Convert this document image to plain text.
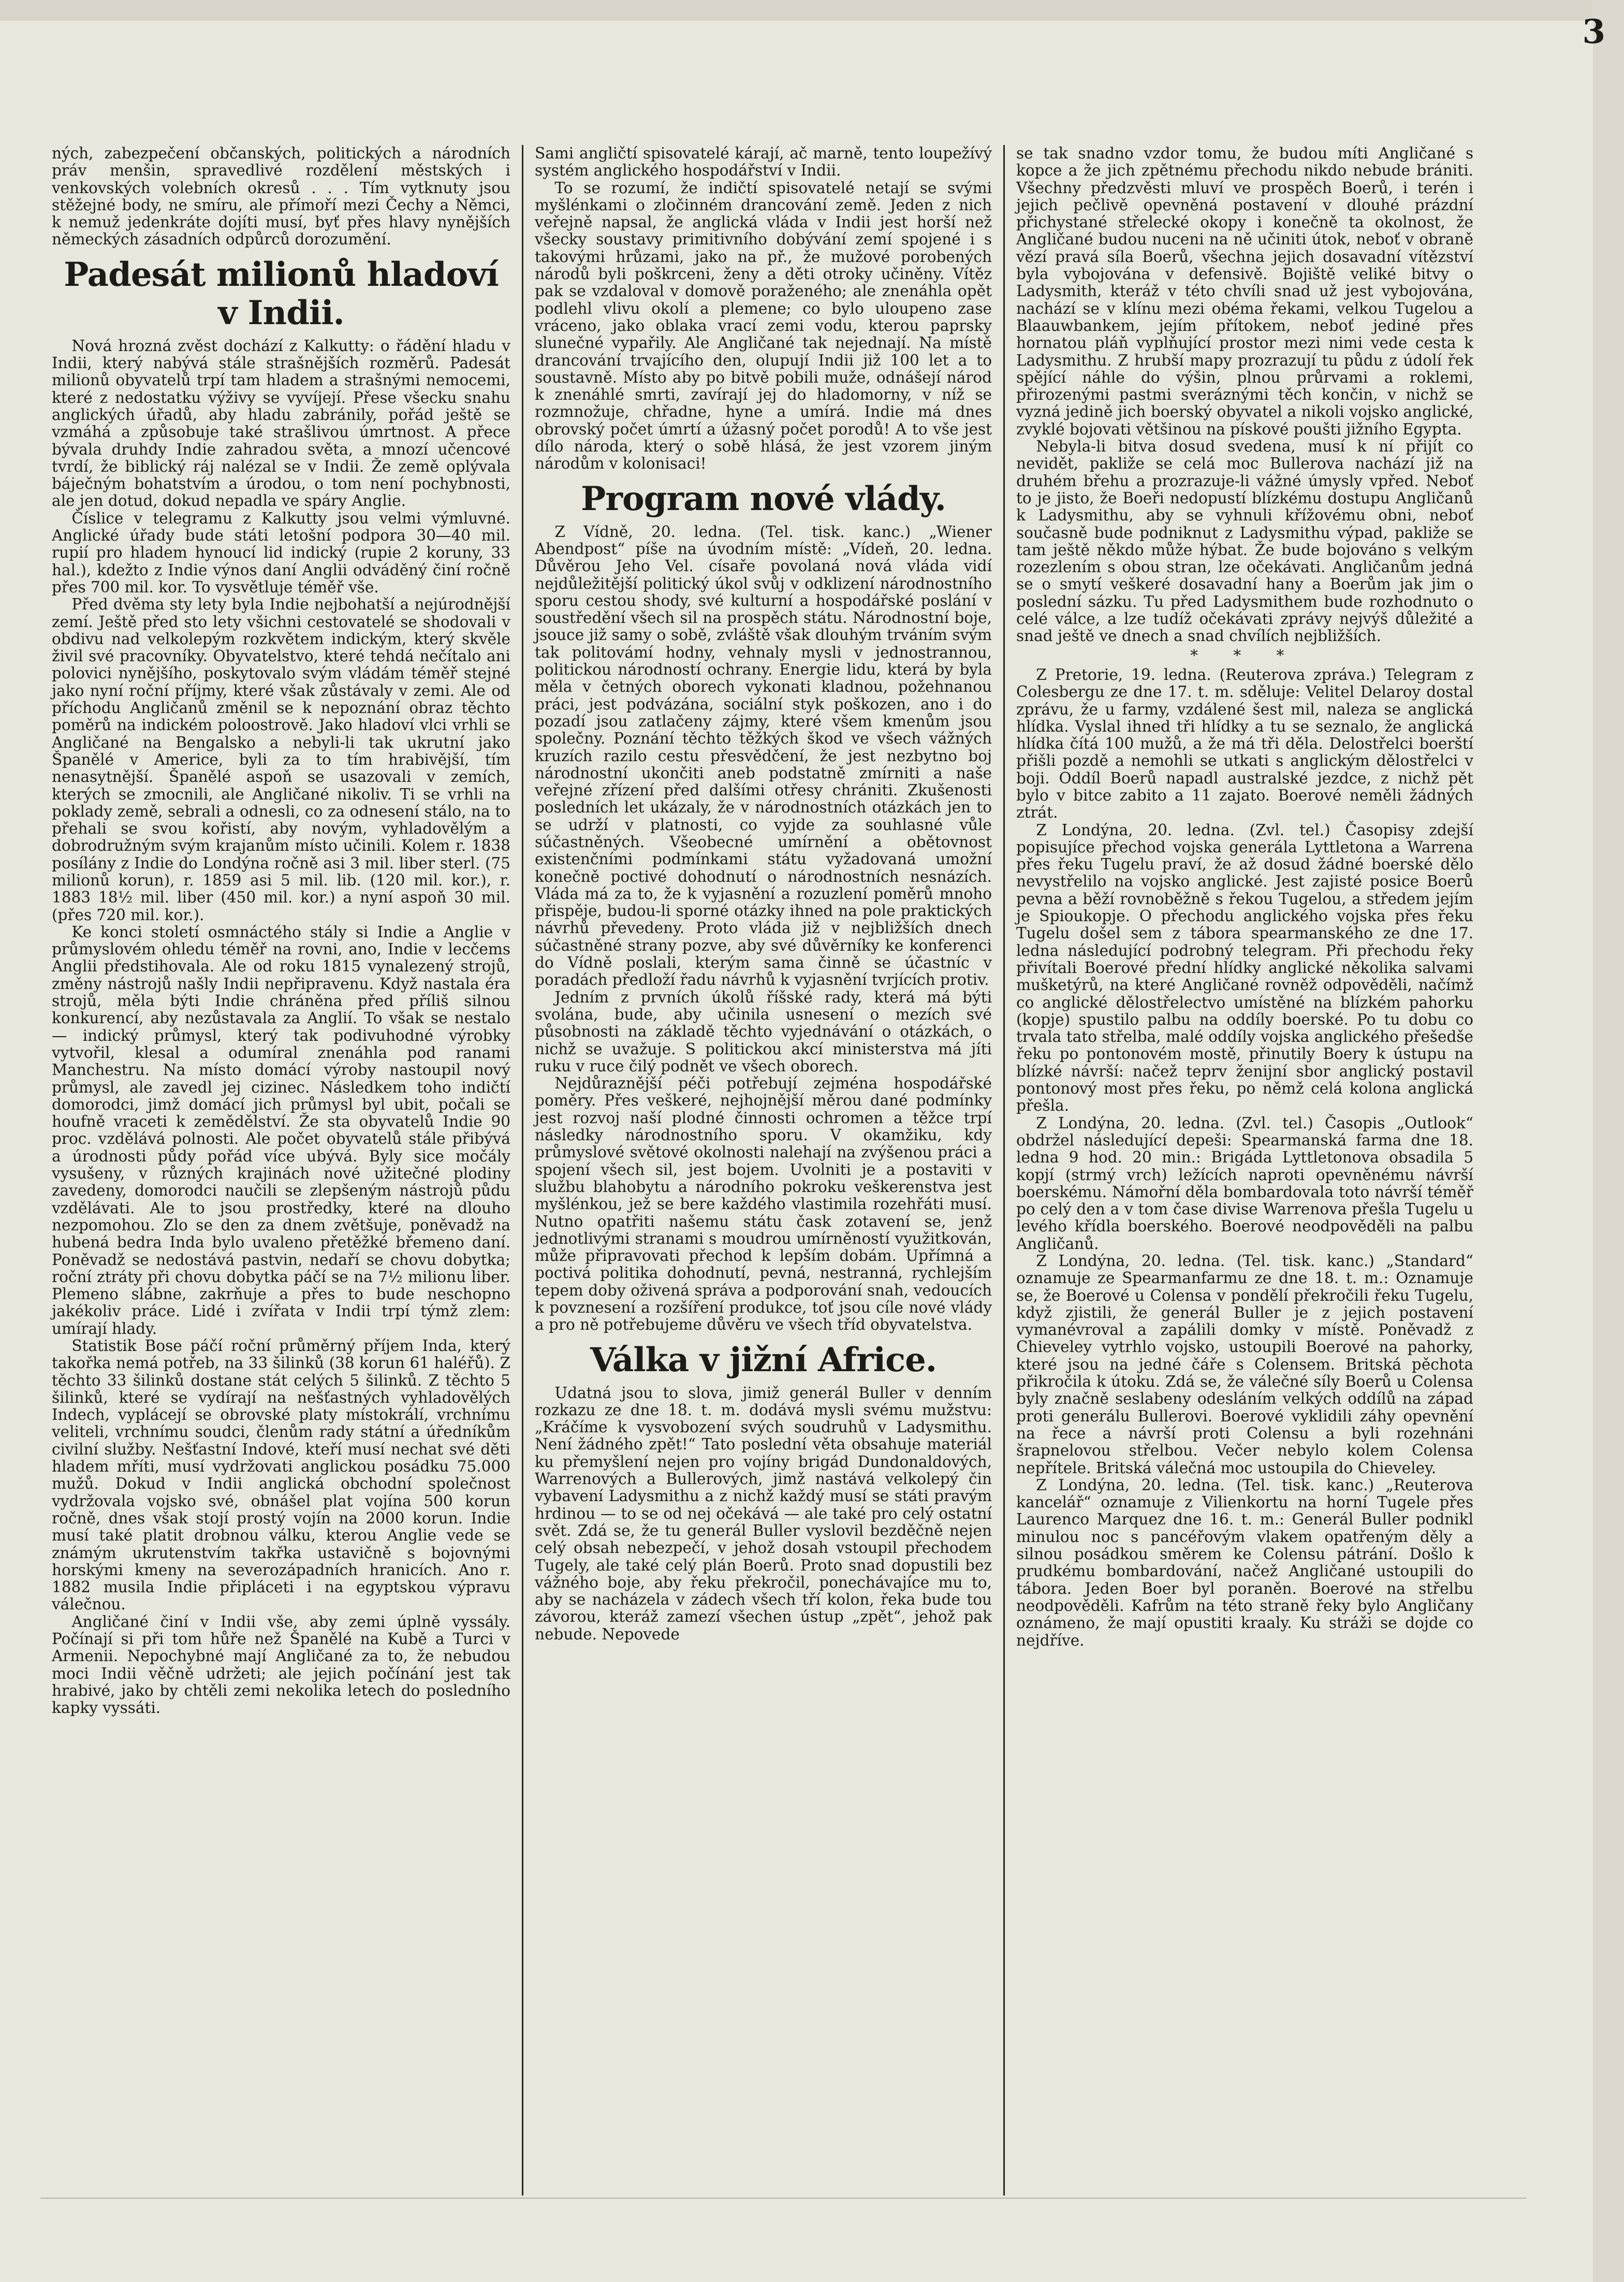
3

ných, zabezpečení občanských, politických a národních práv menšin, spravedlivé rozdělení městských i venkovských volebních okresů . . . Tím vytknuty jsou stěžejné body, ne smíru, ale přímoří mezi Čechy a Němci, k nemuž jedenkráte dojíti musí, byť přes hlavy nynějších německých zásadních odpůrců dorozumění.

Padesát milionů hladoví v Indii.

Nová hrozná zvěst dochází z Kalkutty: o řádění hladu v Indii, který nabývá stále strašnějších rozměrů. Padesát milionů obyvatelů trpí tam hladem a strašnými nemocemi, které z nedostatku výživy se vyvíjejí. Přese všecku snahu anglických úřadů, aby hladu zabránily, pořád ještě se vzmáhá a způsobuje také strašlivou úmrtnost. A přece bývala druhdy Indie zahradou světa, a mnozí učencové tvrdí, že biblický ráj nalézal se v Indii. Že země oplývala báječným bohatstvím a úrodou, o tom není pochybnosti, ale jen dotud, dokud nepadla ve spáry Anglie.

Číslice v telegramu z Kalkutty jsou velmi výmluvné. Anglické úřady bude státi letošní podpora 30—40 mil. rupií pro hladem hynoucí lid indický (rupie 2 koruny, 33 hal.), kdežto z Indie výnos daní Anglii odváděný činí ročně přes 700 mil. kor. To vysvětluje téměř vše.

Před dvěma sty lety byla Indie nejbohatší a nejúrodnější zemí. Ještě před sto lety všichni cestovatelé se shodovali v obdivu nad velkolepým rozkvětem indickým, který skvěle živil své pracovníky. Obyvatelstvo, které tehdá nečítalo ani polovici nynějšího, poskytovalo svým vládám téměř stejné jako nyní roční příjmy, které však zůstávaly v zemi. Ale od příchodu Angličanů změnil se k nepoznání obraz těchto poměrů na indickém poloostrově. Jako hladoví vlci vrhli se Angličané na Bengalsko a nebyli-li tak ukrutní jako Španělé v Americe, byli za to tím hrabivější, tím nenasytnější. Španělé aspoň se usazovali v zemích, kterých se zmocnili, ale Angličané nikoliv. Ti se vrhli na poklady země, sebrali a odnesli, co za odnesení stálo, na to přehali se svou kořistí, aby novým, vyhladovělým a dobrodružným svým krajanům místo učinili. Kolem r. 1838 posílány z Indie do Londýna ročně asi 3 mil. liber sterl. (75 milionů korun), r. 1859 asi 5 mil. lib. (120 mil. kor.), r. 1883 18½ mil. liber (450 mil. kor.) a nyní aspoň 30 mil. (přes 720 mil. kor.).

Ke konci století osmnáctého stály si Indie a Anglie v průmyslovém ohledu téměř na rovni, ano, Indie v lecčems Anglii předstihovala. Ale od roku 1815 vynalezený strojů, změny nástrojů našly Indii nepřipravenu. Když nastala éra strojů, měla býti Indie chráněna před příliš silnou konkurencí, aby nezůstavala za Anglií. To však se nestalo — indický průmysl, který tak podivuhodné výrobky vytvořil, klesal a odumíral znenáhla pod ranami Manchestru. Na místo domácí výroby nastoupil nový průmysl, ale zavedl jej cizinec. Následkem toho indičtí domorodci, jimž domácí jich průmysl byl ubit, počali se houfně vraceti k zemědělství. Že sta obyvatelů Indie 90 proc. vzdělává polnosti. Ale počet obyvatelů stále přibývá a úrodnosti půdy pořád více ubývá. Byly sice močály vysušeny, v různých krajinách nové užitečné plodiny zavedeny, domorodci naučili se zlepšeným nástrojů půdu vzdělávati. Ale to jsou prostředky, které na dlouho nezpomohou. Zlo se den za dnem zvětšuje, poněvadž na hubená bedra Inda bylo uvaleno přetěžké břemeno daní. Poněvadž se nedostává pastvin, nedaří se chovu dobytka; roční ztráty při chovu dobytka páčí se na 7½ milionu liber. Plemeno slábne, zakrňuje a přes to bude neschopno jakékoliv práce. Lidé i zvířata v Indii trpí týmž zlem: umírají hlady.

Statistik Bose páčí roční průměrný příjem Inda, který takořka nemá potřeb, na 33 šilinků (38 korun 61 haléřů). Z těchto 33 šilinků dostane stát celých 5 šilinků. Z těchto 5 šilinků, které se vydírají na nešťastných vyhladovělých Indech, vyplácejí se obrovské platy místokrálí, vrchnímu veliteli, vrchnímu soudci, členům rady státní a úředníkům civilní služby. Nešťastní Indové, kteří musí nechat své děti hladem mříti, musí vydržovati anglickou posádku 75.000 mužů. Dokud v Indii anglická obchodní společnost vydržovala vojsko své, obnášel plat vojína 500 korun ročně, dnes však stojí prostý vojín na 2000 korun. Indie musí také platit drobnou válku, kterou Anglie vede se známým ukrutenstvím takřka ustavičně s bojovnými horskými kmeny na severozápadních hranicích. Ano r. 1882 musila Indie připláceti i na egyptskou výpravu válečnou.

Angličané činí v Indii vše, aby zemi úplně vyssály. Počínají si při tom hůře než Španělé na Kubě a Turci v Armenii. Nepochybné mají Angličané za to, že nebudou moci Indii věčně udržeti; ale jejich počínání jest tak hrabivé, jako by chtěli zemi nekolika letech do posledního kapky vyssáti.

Sami angličtí spisovatelé kárají, ač marně, tento loupežívý systém anglického hospodářství v Indii.

To se rozumí, že indičtí spisovatelé netají se svými myšlénkami o zločinném drancování země. Jeden z nich veřejně napsal, že anglická vláda v Indii jest horší než všecky soustavy primitivního dobývání zemí spojené i s takovými hrůzami, jako na př., že mužové porobených národů byli poškrceni, ženy a děti otroky učiněny. Vítěz pak se vzdaloval v domově poraženého; ale znenáhla opět podlehl vlivu okolí a plemene; co bylo uloupeno zase vráceno, jako oblaka vrací zemi vodu, kterou paprsky slunečné vypařily. Ale Angličané tak nejednají. Na místě drancování trvajícího den, olupují Indii již 100 let a to soustavně. Místo aby po bitvě pobili muže, odnášejí národ k znenáhlé smrti, zavírají jej do hladomorny, v níž se rozmnožuje, chřadne, hyne a umírá. Indie má dnes obrovský počet úmrtí a úžasný počet porodů! A to vše jest dílo národa, který o sobě hlásá, že jest vzorem jiným národům v kolonisaci!

Program nové vlády.

Z Vídně, 20. ledna. (Tel. tisk. kanc.) „Wiener Abendpost“ píše na úvodním místě: „Vídeň, 20. ledna. Důvěrou Jeho Vel. císaře povolaná nová vláda vidí nejdůležitější politický úkol svůj v odklizení národnostního sporu cestou shody, své kulturní a hospodářské poslání v soustředění všech sil na prospěch státu. Národnostní boje, jsouce již samy o sobě, zvláště však dlouhým trváním svým tak politovámí hodny, vehnaly mysli v jednostrannou, politickou národností ochrany. Energie lidu, která by byla měla v četných oborech vykonati kladnou, požehnanou práci, jest podvázána, sociální styk poškozen, ano i do pozadí jsou zatlačeny zájmy, které všem kmenům jsou společny. Poznání těchto těžkých škod ve všech vážných kruzích razilo cestu přesvědčení, že jest nezbytno boj národnostní ukončiti aneb podstatně zmírniti a naše veřejné zřízení před dalšími otřesy chrániti. Zkušenosti posledních let ukázaly, že v národnostních otázkách jen to se udrží v platnosti, co vyjde za souhlasné vůle súčastněných. Všeobecné umírnění a obětovnost existenčními podmínkami státu vyžadovaná umožní konečně poctivé dohodnutí o národnostních nesnázích. Vláda má za to, že k vyjasnění a rozuzlení poměrů mnoho přispěje, budou-li sporné otázky ihned na pole praktických návrhů převedeny. Proto vláda již v nejbližších dnech súčastněné strany pozve, aby své důvěrníky ke konferenci do Vídně poslali, kterým sama činně se účastníc v poradách předloží řadu návrhů k vyjasnění tvrjících protiv.

Jedním z prvních úkolů říšské rady, která má býti svolána, bude, aby učinila usnesení o mezích své působnosti na základě těchto vyjednávání o otázkách, o nichž se uvažuje. S politickou akcí ministerstva má jíti ruku v ruce čilý podnět ve všech oborech.

Nejdůraznější péči potřebují zejména hospodářské poměry. Přes veškeré, nejhojnější měrou dané podmínky jest rozvoj naší plodné činnosti ochromen a těžce trpí následky národnostního sporu. V okamžiku, kdy průmyslové světové okolnosti nalehají na zvýšenou práci a spojení všech sil, jest bojem. Uvolniti je a postaviti v službu blahobytu a národního pokroku veškerenstva jest myšlénkou, jež se bere každého vlastimila rozehřáti musí. Nutno opatřiti našemu státu čask zotavení se, jenž jednotlivými stranami s moudrou umírněností využitkován, může připravovati přechod k lepším dobám. Upřímná a poctivá politika dohodnutí, pevná, nestranná, rychlejším tepem doby oživená správa a podporování snah, vedoucích k povznesení a rozšíření produkce, toť jsou cíle nové vlády a pro ně potřebujeme důvěru ve všech tříd obyvatelstva.

Válka v jižní Africe.

Udatná jsou to slova, jimiž generál Buller v denním rozkazu ze dne 18. t. m. dodává mysli svému mužstvu: „Kráčíme k vysvobození svých soudruhů v Ladysmithu. Není žádného zpět!“ Tato poslední věta obsahuje materiál ku přemyšlení nejen pro vojíny brigád Dundonaldových, Warrenových a Bullerových, jimž nastává velkolepý čin vybavení Ladysmithu a z nichž každý musí se státi pravým hrdinou — to se od nej očekává — ale také pro celý ostatní svět. Zdá se, že tu generál Buller vyslovil bezděčně nejen celý obsah nebezpečí, v jehož dosah vstoupil přechodem Tugely, ale také celý plán Boerů. Proto snad dopustili bez vážného boje, aby řeku překročil, ponechávajíce mu to, aby se nacházela v zádech všech tří kolon, řeka bude tou závorou, kteráž zamezí všechen ústup „zpět“, jehož pak nebude. Nepovede

se tak snadno vzdor tomu, že budou míti Angličané s kopce a že jich zpětnému přechodu nikdo nebude brániti. Všechny předzvěsti mluví ve prospěch Boerů, i terén i jejich pečlivě opevněná postavení v dlouhé prázdní přichystané střelecké okopy i konečně ta okolnost, že Angličané budou nuceni na ně učiniti útok, neboť v obraně vězí pravá síla Boerů, všechna jejich dosavadní vítězství byla vybojována v defensivě. Bojiště veliké bitvy o Ladysmith, kteráž v této chvíli snad už jest vybojována, nachází se v klínu mezi obéma řekami, velkou Tugelou a Blaauwbankem, jejím přítokem, neboť jediné přes hornatou pláň vyplňující prostor mezi nimi vede cesta k Ladysmithu. Z hrubší mapy prozrazují tu půdu z údolí řek spějící náhle do výšin, plnou průrvami a roklemi, přirozenými pastmi sveráznými těch končin, v nichž se vyzná jedině jich boerský obyvatel a nikoli vojsko anglické, zvyklé bojovati většinou na pískové poušti jižního Egypta.

Nebyla-li bitva dosud svedena, musí k ní přijít co nevidět, pakliže se celá moc Bullerova nachází již na druhém břehu a prozrazuje-li vážné úmysly vpřed. Neboť to je jisto, že Boeři nedopustí blízkému dostupu Angličanů k Ladysmithu, aby se vyhnuli křížovému obni, neboť současně bude podniknut z Ladysmithu výpad, pakliže se tam ještě někdo může hýbat. Že bude bojováno s velkým rozezlením s obou stran, lze očekávati. Angličanům jedná se o smytí veškeré dosavadní hany a Boerům jak jim o poslední sázku. Tu před Ladysmithem bude rozhodnuto o celé válce, a lze tudíž očekávati zprávy nejvýš důležité a snad ještě ve dnech a snad chvílích nejbližších.

* * *

Z Pretorie, 19. ledna. (Reuterova zpráva.) Telegram z Colesbergu ze dne 17. t. m. sděluje: Velitel Delaroy dostal zprávu, že u farmy, vzdálené šest mil, naleza se anglická hlídka. Vyslal ihned tři hlídky a tu se seznalo, že anglická hlídka čítá 100 mužů, a že má tři děla. Delostřelci boerští přišli pozdě a nemohli se utkati s anglickým dělostřelci v boji. Oddíl Boerů napadl australské jezdce, z nichž pět bylo v bitce zabito a 11 zajato. Boerové neměli žádných ztrát.

Z Londýna, 20. ledna. (Zvl. tel.) Časopisy zdejší popisujíce přechod vojska generála Lyttletona a Warrena přes řeku Tugelu praví, že až dosud žádné boerské dělo nevystřelilo na vojsko anglické. Jest zajisté posice Boerů pevna a běží rovnoběžně s řekou Tugelou, a středem jejím je Spioukopje. O přechodu anglického vojska přes řeku Tugelu došel sem z tábora spearmanského ze dne 17. ledna následující podrobný telegram. Při přechodu řeky přivítali Boerové přední hlídky anglické několika salvami mušketýrů, na které Angličané rovněž odpověděli, načímž co anglické dělostřelectvo umístěné na blízkém pahorku (kopje) spustilo palbu na oddíly boerské. Po tu dobu co trvala tato střelba, malé oddíly vojska anglického přešedše řeku po pontonovém mostě, přinutily Boery k ústupu na blízké návrší: načež teprv ženijní sbor anglický postavil pontonový most přes řeku, po němž celá kolona anglická přešla.

Z Londýna, 20. ledna. (Zvl. tel.) Časopis „Outlook“ obdržel následující depeši: Spearmanská farma dne 18. ledna 9 hod. 20 min.: Brigáda Lyttletonova obsadila 5 kopjí (strmý vrch) ležících naproti opevněnému návrší boerskému. Námořní děla bombardovala toto návrší téměř po celý den a v tom čase divise Warrenova přešla Tugelu u levého křídla boerského. Boerové neodpověděli na palbu Angličanů.

Z Londýna, 20. ledna. (Tel. tisk. kanc.) „Standard“ oznamuje ze Spearmanfarmu ze dne 18. t. m.: Oznamuje se, že Boerové u Colensa v pondělí překročili řeku Tugelu, když zjistili, že generál Buller je z jejich postavení vymanévroval a zapálili domky v místě. Poněvadž z Chieveley vytrhlo vojsko, ustoupili Boerové na pahorky, které jsou na jedné čáře s Colensem. Britská pěchota přikročila k útoku. Zdá se, že válečné síly Boerů u Colensa byly značně seslabeny odesláním velkých oddílů na západ proti generálu Bullerovi. Boerové vyklidili záhy opevnění na řece a návrší proti Colensu a byli rozehnáni šrapnelovou střelbou. Večer nebylo kolem Colensa nepřítele. Britská válečná moc ustoupila do Chieveley.

Z Londýna, 20. ledna. (Tel. tisk. kanc.) „Reuterova kancelář“ oznamuje z Vilienkortu na horní Tugele přes Laurenco Marquez dne 16. t. m.: Generál Buller podnikl minulou noc s pancéřovým vlakem opatřeným děly a silnou posádkou směrem ke Colensu pátrání. Došlo k prudkému bombardování, načež Angličané ustoupili do tábora. Jeden Boer byl poraněn. Boerové na střelbu neodpověděli. Kafrům na této straně řeky bylo Angličany oznámeno, že mají opustiti kraaly. Ku stráži se dojde co nejdříve.
